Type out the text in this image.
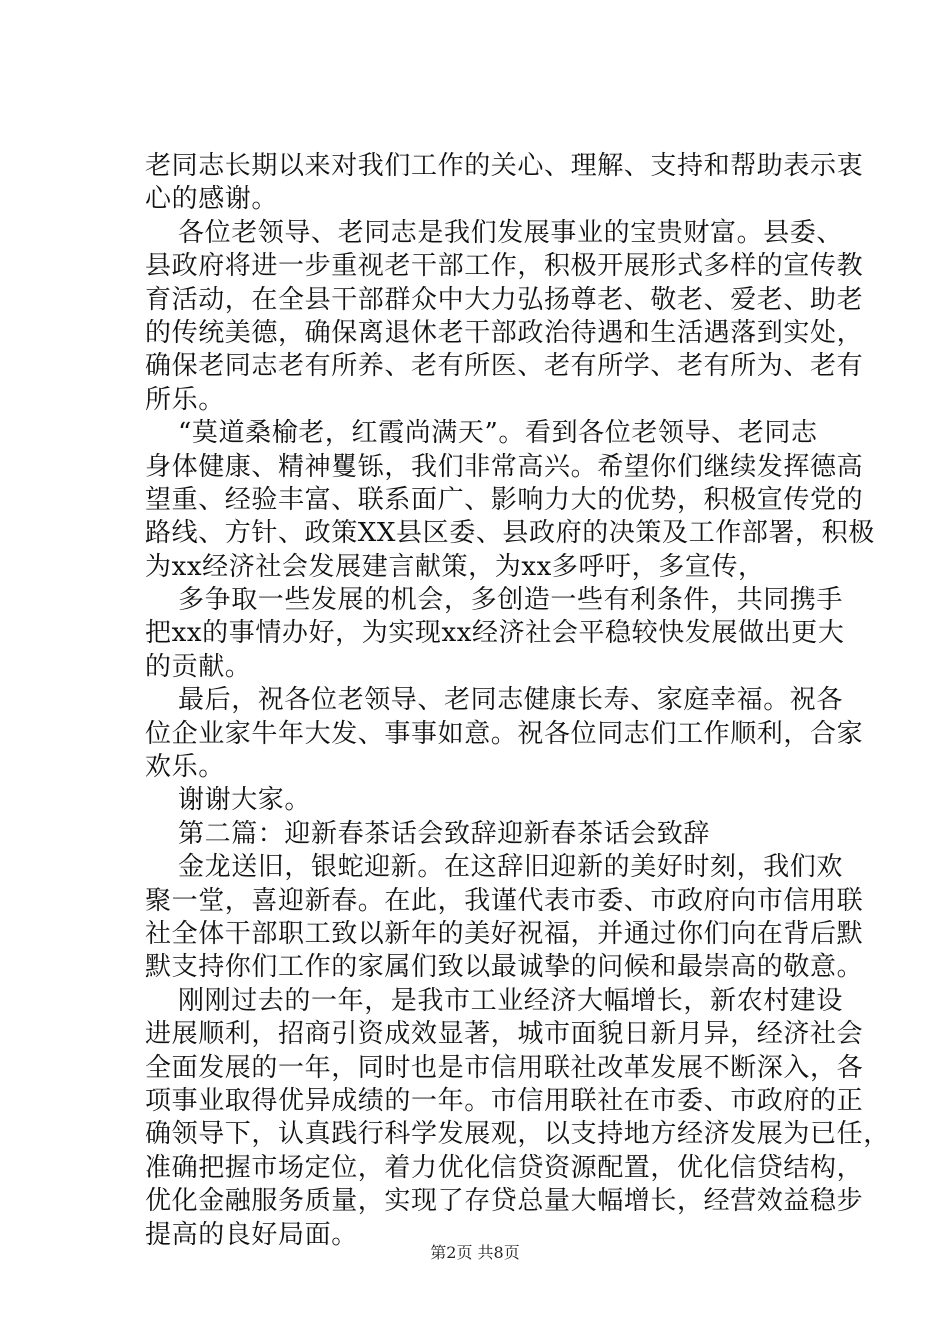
老同志长期以来对我们工作的关心、理解、支持和帮助表示衷
心的感谢。
各位老领导、老同志是我们发展事业的宝贵财富。县委、
县政府将进一步重视老干部工作，积极开展形式多样的宣传教
育活动，在全县干部群众中大力弘扬尊老、敬老、爱老、助老
的传统美德，确保离退休老干部政治待遇和生活遇落到实处，
确保老同志老有所养、老有所医、老有所学、老有所为、老有
所乐。
“莫道桑榆老，红霞尚满天”。看到各位老领导、老同志
身体健康、精神矍铄，我们非常高兴。希望你们继续发挥德高
望重、经验丰富、联系面广、影响力大的优势，积极宣传党的
路线、方针、政策XX县区委、县政府的决策及工作部署，积极
为xx经济社会发展建言献策，为xx多呼吁，多宣传，
多争取一些发展的机会，多创造一些有利条件，共同携手
把xx的事情办好，为实现xx经济社会平稳较快发展做出更大
的贡献。
最后，祝各位老领导、老同志健康长寿、家庭幸福。祝各
位企业家牛年大发、事事如意。祝各位同志们工作顺利，合家
欢乐。
谢谢大家。
第二篇：迎新春茶话会致辞迎新春茶话会致辞
金龙送旧，银蛇迎新。在这辞旧迎新的美好时刻，我们欢
聚一堂，喜迎新春。在此，我谨代表市委、市政府向市信用联
社全体干部职工致以新年的美好祝福，并通过你们向在背后默
默支持你们工作的家属们致以最诚挚的问候和最崇高的敬意。
刚刚过去的一年，是我市工业经济大幅增长，新农村建设
进展顺利，招商引资成效显著，城市面貌日新月异，经济社会
全面发展的一年，同时也是市信用联社改革发展不断深入，各
项事业取得优异成绩的一年。市信用联社在市委、市政府的正
确领导下，认真践行科学发展观，以支持地方经济发展为已任，
准确把握市场定位，着力优化信贷资源配置，优化信贷结构，
优化金融服务质量，实现了存贷总量大幅增长，经营效益稳步
提高的良好局面。
第2页 共8页
